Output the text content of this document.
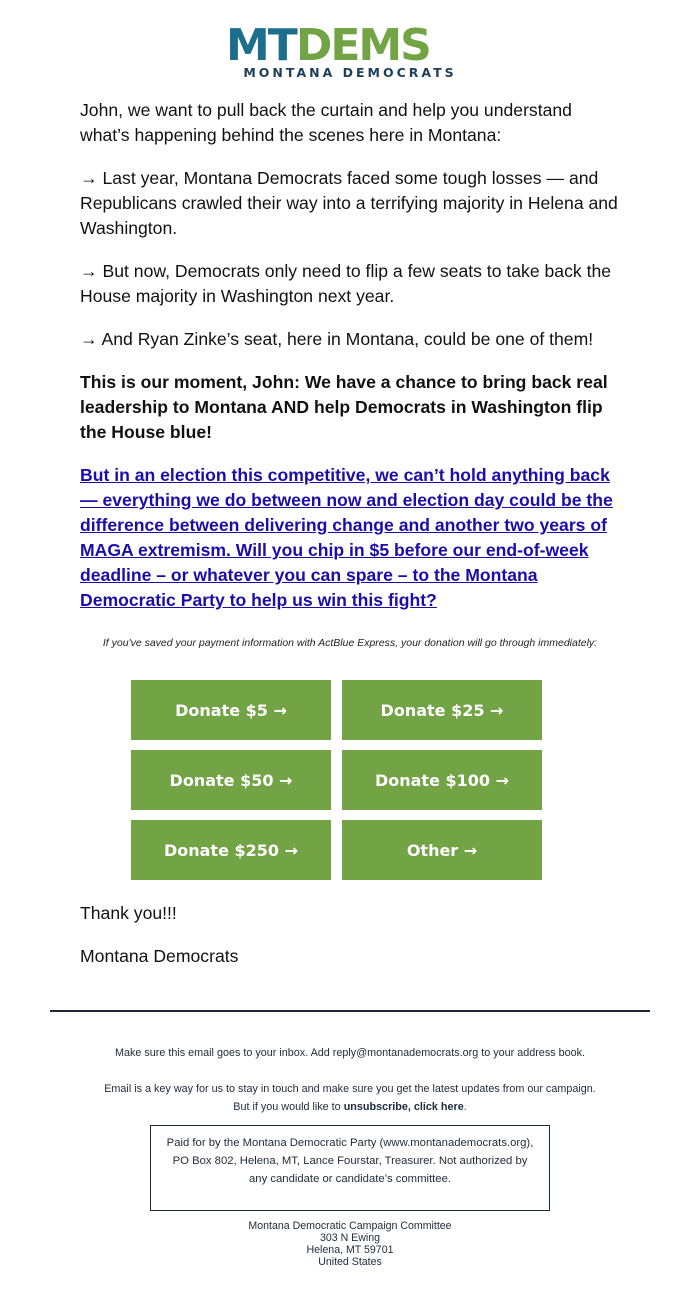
MTDEMS
MONTANA DEMOCRATS

John, we want to pull back the curtain and help you understand what’s happening behind the scenes here in Montana:

→ Last year, Montana Democrats faced some tough losses — and Republicans crawled their way into a terrifying majority in Helena and Washington.

→ But now, Democrats only need to flip a few seats to take back the House majority in Washington next year.

→ And Ryan Zinke’s seat, here in Montana, could be one of them!

This is our moment, John: We have a chance to bring back real leadership to Montana AND help Democrats in Washington flip the House blue!

But in an election this competitive, we can’t hold anything back — everything we do between now and election day could be the difference between delivering change and another two years of MAGA extremism. Will you chip in $5 before our end-of-week deadline – or whatever you can spare – to the Montana Democratic Party to help us win this fight?

If you've saved your payment information with ActBlue Express, your donation will go through immediately:

Donate $5 →	Donate $25 →
Donate $50 →	Donate $100 →
Donate $250 →	Other →

Thank you!!!

Montana Democrats

Make sure this email goes to your inbox. Add reply@montanademocrats.org to your address book.

Email is a key way for us to stay in touch and make sure you get the latest updates from our campaign.
But if you would like to unsubscribe, click here.

Paid for by the Montana Democratic Party (www.montanademocrats.org), PO Box 802, Helena, MT, Lance Fourstar, Treasurer. Not authorized by any candidate or candidate’s committee.

Montana Democratic Campaign Committee
303 N Ewing
Helena, MT 59701
United States
